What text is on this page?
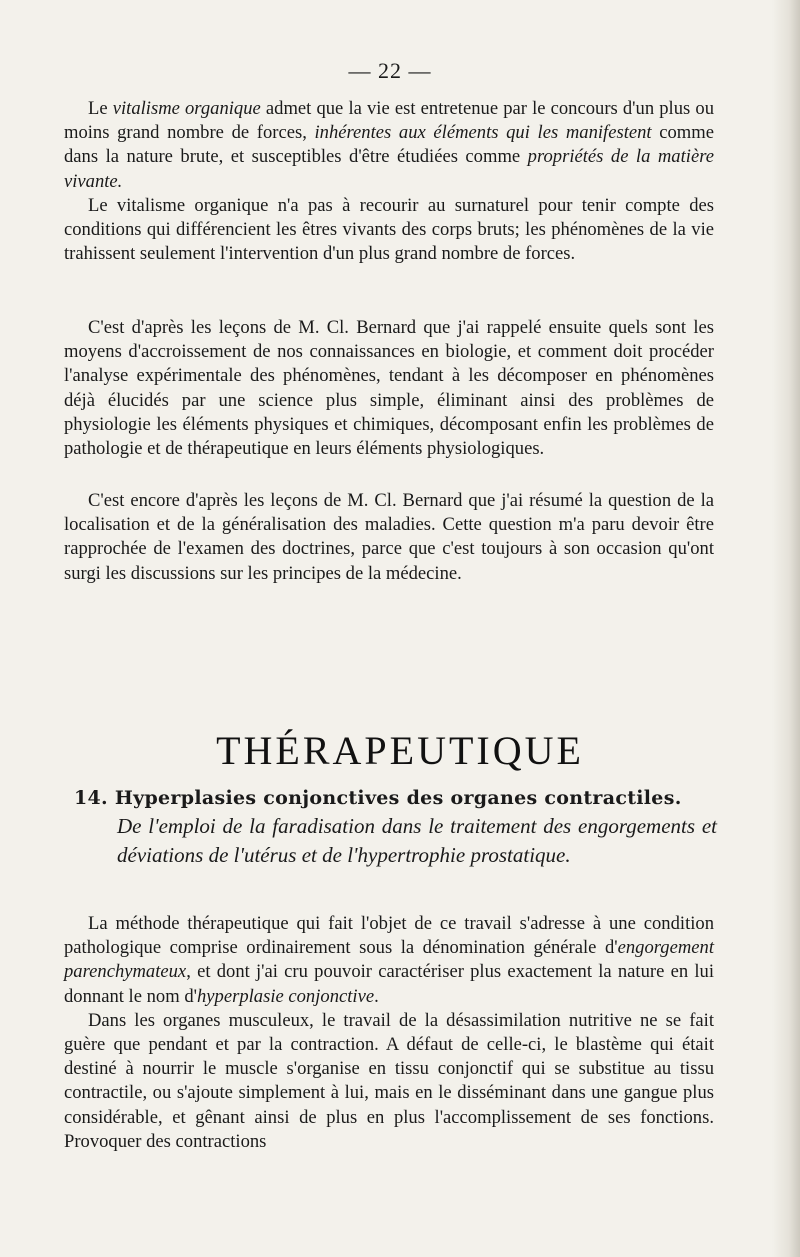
— 22 —

Le vitalisme organique admet que la vie est entretenue par le concours d'un plus ou moins grand nombre de forces, inhérentes aux éléments qui les manifestent comme dans la nature brute, et susceptibles d'être étudiées comme propriétés de la matière vivante.

Le vitalisme organique n'a pas à recourir au surnaturel pour tenir compte des conditions qui différencient les êtres vivants des corps bruts; les phénomènes de la vie trahissent seulement l'intervention d'un plus grand nombre de forces.

C'est d'après les leçons de M. Cl. Bernard que j'ai rappelé ensuite quels sont les moyens d'accroissement de nos connaissances en biologie, et comment doit procéder l'analyse expérimentale des phénomènes, tendant à les décomposer en phénomènes déjà élucidés par une science plus simple, éliminant ainsi des problèmes de physiologie les éléments physiques et chimiques, décomposant enfin les problèmes de pathologie et de thérapeutique en leurs éléments physiologiques.

C'est encore d'après les leçons de M. Cl. Bernard que j'ai résumé la question de la localisation et de la généralisation des maladies. Cette question m'a paru devoir être rapprochée de l'examen des doctrines, parce que c'est toujours à son occasion qu'ont surgi les discussions sur les principes de la médecine.

THÉRAPEUTIQUE
14. Hyperplasies conjonctives des organes contractiles.
De l'emploi de la faradisation dans le traitement des engorgements et déviations de l'utérus et de l'hypertrophie prostatique.

La méthode thérapeutique qui fait l'objet de ce travail s'adresse à une condition pathologique comprise ordinairement sous la dénomination générale d'engorgement parenchymateux, et dont j'ai cru pouvoir caractériser plus exactement la nature en lui donnant le nom d'hyperplasie conjonctive.

Dans les organes musculeux, le travail de la désassimilation nutritive ne se fait guère que pendant et par la contraction. A défaut de celle-ci, le blastème qui était destiné à nourrir le muscle s'organise en tissu conjonctif qui se substitue au tissu contractile, ou s'ajoute simplement à lui, mais en le disséminant dans une gangue plus considérable, et gênant ainsi de plus en plus l'accomplissement de ses fonctions. Provoquer des contractions
